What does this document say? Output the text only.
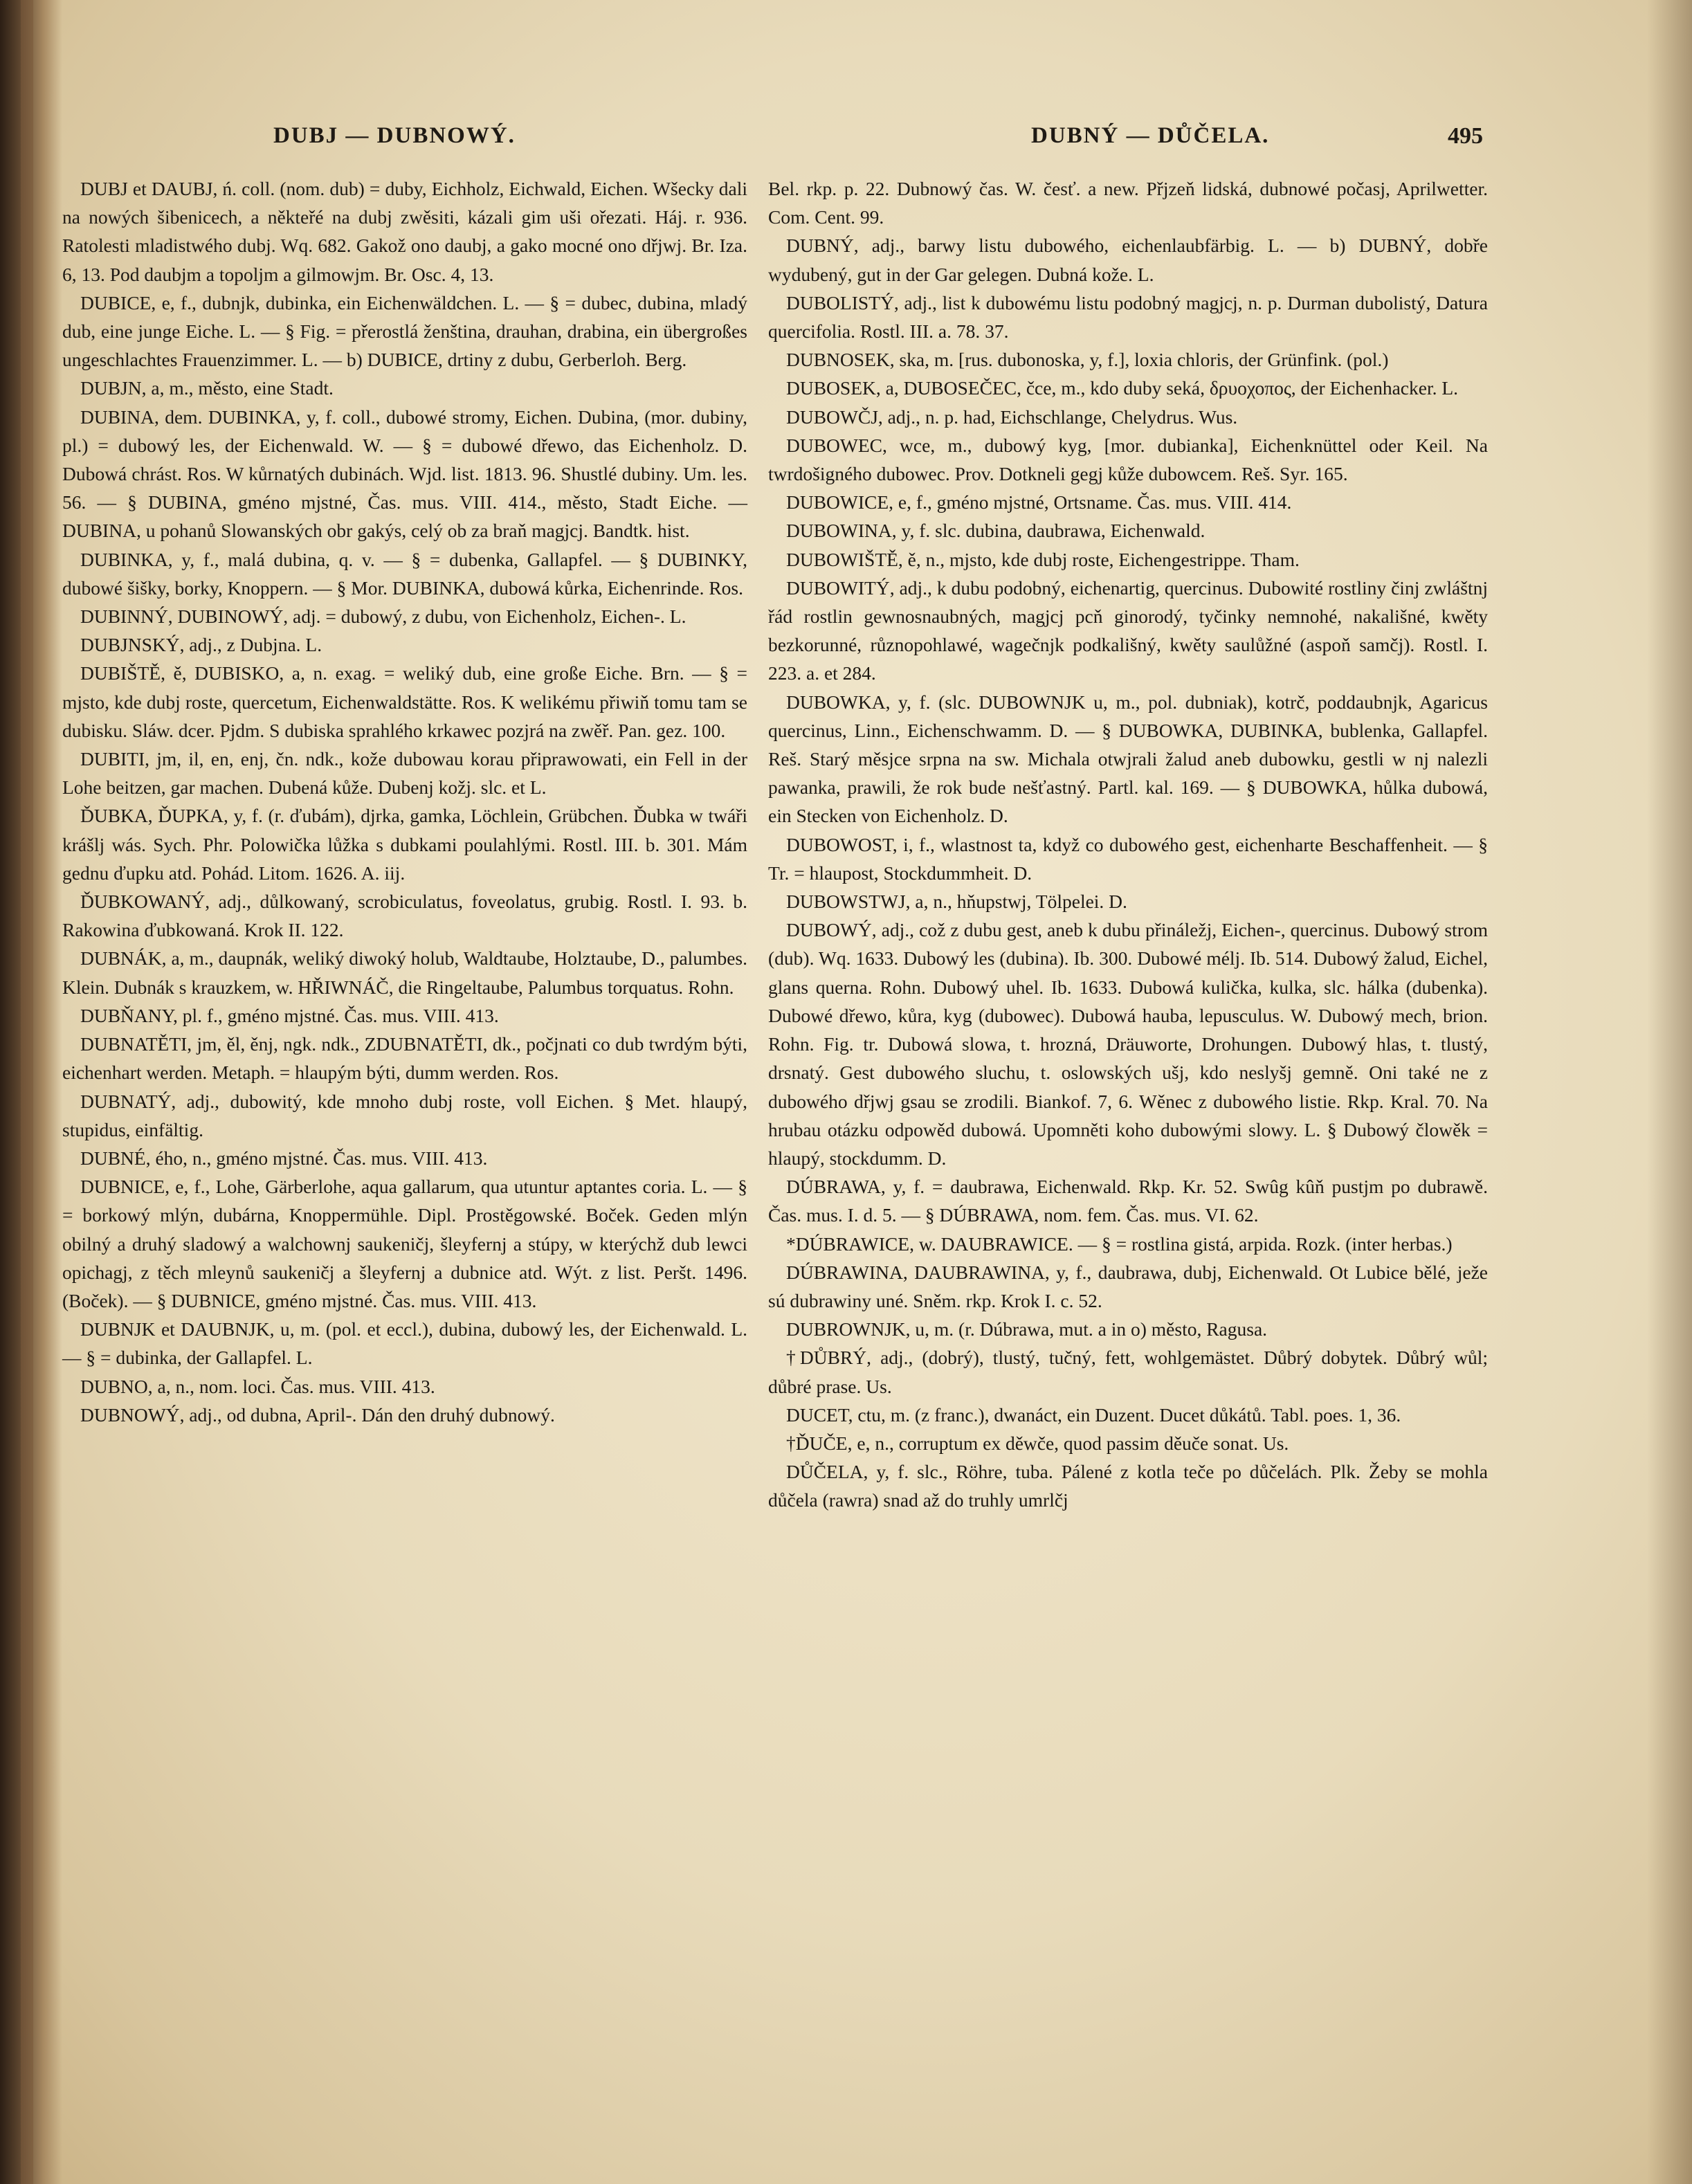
DUBJ — DUBNOWÝ.	DUBNÝ — DŮČELA.	495

DUBJ et DAUBJ, ń. coll. (nom. dub) = duby, Eichholz, Eichwald, Eichen. Wšecky dali na nowých šibenicech, a někteřé na dubj zwěsiti, kázali gim uši ořezati. Háj. r. 936. Ratolesti mladistwého dubj. Wq. 682. Gakož ono daubj, a gako mocné ono dřjwj. Br. Iza. 6, 13. Pod daubjm a topoljm a gilmowjm. Br. Osc. 4, 13.

DUBICE, e, f., dubnjk, dubinka, ein Eichenwäldchen. L. — § = dubec, dubina, mladý dub, eine junge Eiche. L. — § Fig. = přerostlá ženština, drauhan, drabina, ein übergroßes ungeschlachtes Frauenzimmer. L. — b) DUBICE, drtiny z dubu, Gerberloh. Berg.

DUBJN, a, m., město, eine Stadt.

DUBINA, dem. DUBINKA, y, f. coll., dubowé stromy, Eichen. Dubina, (mor. dubiny, pl.) = dubowý les, der Eichenwald. W. — § = dubowé dřewo, das Eichenholz. D. Dubowá chrást. Ros. W kůrnatých dubinách. Wjd. list. 1813. 96. Shustlé dubiny. Um. les. 56. — § DUBINA, gméno mjstné, Čas. mus. VIII. 414., město, Stadt Eiche. — DUBINA, u pohanů Slowanských obr gakýs, celý ob za braň magjcj. Bandtk. hist.

DUBINKA, y, f., malá dubina, q. v. — § = dubenka, Gallapfel. — § DUBINKY, dubowé šišky, borky, Knoppern. — § Mor. DUBINKA, dubowá kůrka, Eichenrinde. Ros.

DUBINNÝ, DUBINOWÝ, adj. = dubowý, z dubu, von Eichenholz, Eichen-. L.

DUBJNSKÝ, adj., z Dubjna. L.

DUBIŠTĚ, ě, DUBISKO, a, n. exag. = weliký dub, eine große Eiche. Brn. — § = mjsto, kde dubj roste, quercetum, Eichenwaldstätte. Ros. K welikému přiwiň tomu tam se dubisku. Sláw. dcer. Pjdm. S dubiska sprahlého krkawec pozjrá na zwěř. Pan. gez. 100.

DUBITI, jm, il, en, enj, čn. ndk., kože dubowau korau připrawowati, ein Fell in der Lohe beitzen, gar machen. Dubená kůže. Dubenj kožj. slc. et L.

ĎUBKA, ĎUPKA, y, f. (r. ďubám), djrka, gamka, Löchlein, Grübchen. Ďubka w twáři krášlj wás. Sych. Phr. Polowička lůžka s dubkami poulahlými. Rostl. III. b. 301. Mám gednu ďupku atd. Pohád. Litom. 1626. A. iij.

ĎUBKOWANÝ, adj., důlkowaný, scrobiculatus, foveolatus, grubig. Rostl. I. 93. b. Rakowina ďubkowaná. Krok II. 122.

DUBNÁK, a, m., daupnák, weliký diwoký holub, Waldtaube, Holztaube, D., palumbes. Klein. Dubnák s krauzkem, w. HŘIWNÁČ, die Ringeltaube, Palumbus torquatus. Rohn.

DUBŇANY, pl. f., gméno mjstné. Čas. mus. VIII. 413.

DUBNATĚTI, jm, ěl, ěnj, ngk. ndk., ZDUBNATĚTI, dk., počjnati co dub twrdým býti, eichenhart werden. Metaph. = hlaupým býti, dumm werden. Ros.

DUBNATÝ, adj., dubowitý, kde mnoho dubj roste, voll Eichen. § Met. hlaupý, stupidus, einfältig.

DUBNÉ, ého, n., gméno mjstné. Čas. mus. VIII. 413.

DUBNICE, e, f., Lohe, Gärberlohe, aqua gallarum, qua utuntur aptantes coria. L. — § = borkowý mlýn, dubárna, Knoppermühle. Dipl. Prostěgowské. Boček. Geden mlýn obilný a druhý sladowý a walchownj saukeničj, šleyfernj a stúpy, w kterýchž dub lewci opichagj, z těch mleynů saukeničj a šleyfernj a dubnice atd. Wýt. z list. Peršt. 1496. (Boček). — § DUBNICE, gméno mjstné. Čas. mus. VIII. 413.

DUBNJK et DAUBNJK, u, m. (pol. et eccl.), dubina, dubowý les, der Eichenwald. L. — § = dubinka, der Gallapfel. L.

DUBNO, a, n., nom. loci. Čas. mus. VIII. 413.

DUBNOWÝ, adj., od dubna, April-. Dán den druhý dubnowý.

Bel. rkp. p. 22. Dubnowý čas. W. česť. a new. Přjzeň lidská, dubnowé počasj, Aprilwetter. Com. Cent. 99.

DUBNÝ, adj., barwy listu dubowého, eichenlaubfärbig. L. — b) DUBNÝ, dobře wydubený, gut in der Gar gelegen. Dubná kože. L.

DUBOLISTÝ, adj., list k dubowému listu podobný magjcj, n. p. Durman dubolistý, Datura quercifolia. Rostl. III. a. 78. 37.

DUBNOSEK, ska, m. [rus. dubonoska, y, f.], loxia chloris, der Grünfink. (pol.)

DUBOSEK, a, DUBOSEČEC, čce, m., kdo duby seká, δρυοχοπος, der Eichenhacker. L.

DUBOWČJ, adj., n. p. had, Eichschlange, Chelydrus. Wus.

DUBOWEC, wce, m., dubowý kyg, [mor. dubianka], Eichenknüttel oder Keil. Na twrdošigného dubowec. Prov. Dotkneli gegj kůže dubowcem. Reš. Syr. 165.

DUBOWICE, e, f., gméno mjstné, Ortsname. Čas. mus. VIII. 414.

DUBOWINA, y, f. slc. dubina, daubrawa, Eichenwald.

DUBOWIŠTĚ, ě, n., mjsto, kde dubj roste, Eichengestrippe. Tham.

DUBOWITÝ, adj., k dubu podobný, eichenartig, quercinus. Dubowité rostliny činj zwláštnj řád rostlin gewnosnaubných, magjcj pcň ginorodý, tyčinky nemnohé, nakališné, kwěty bezkorunné, různopohlawé, wagečnjk podkališný, kwěty saulůžné (aspoň samčj). Rostl. I. 223. a. et 284.

DUBOWKA, y, f. (slc. DUBOWNJK u, m., pol. dubniak), kotrč, poddaubnjk, Agaricus quercinus, Linn., Eichenschwamm. D. — § DUBOWKA, DUBINKA, bublenka, Gallapfel. Reš. Starý měsjce srpna na sw. Michala otwjrali žalud aneb dubowku, gestli w nj nalezli pawanka, prawili, že rok bude nešťastný. Partl. kal. 169. — § DUBOWKA, hůlka dubowá, ein Stecken von Eichenholz. D.

DUBOWOST, i, f., wlastnost ta, když co dubowého gest, eichenharte Beschaffenheit. — § Tr. = hlaupost, Stockdummheit. D.

DUBOWSTWJ, a, n., hňupstwj, Tölpelei. D.

DUBOWÝ, adj., což z dubu gest, aneb k dubu přináležj, Eichen-, quercinus. Dubowý strom (dub). Wq. 1633. Dubowý les (dubina). Ib. 300. Dubowé mélj. Ib. 514. Dubowý žalud, Eichel, glans querna. Rohn. Dubowý uhel. Ib. 1633. Dubowá kulička, kulka, slc. hálka (dubenka). Dubowé dřewo, kůra, kyg (dubowec). Dubowá hauba, lepusculus. W. Dubowý mech, brion. Rohn. Fig. tr. Dubowá slowa, t. hrozná, Dräuworte, Drohungen. Dubowý hlas, t. tlustý, drsnatý. Gest dubowého sluchu, t. oslowských ušj, kdo neslyšj gemně. Oni také ne z dubowého dřjwj gsau se zrodili. Biankof. 7, 6. Wěnec z dubowého listie. Rkp. Kral. 70. Na hrubau otázku odpowěd dubowá. Upomněti koho dubowými slowy. L. § Dubowý člowěk = hlaupý, stockdumm. D.

DÚBRAWA, y, f. = daubrawa, Eichenwald. Rkp. Kr. 52. Swûg kûň pustjm po dubrawě. Čas. mus. I. d. 5. — § DÚBRAWA, nom. fem. Čas. mus. VI. 62.

*DÚBRAWICE, w. DAUBRAWICE. — § = rostlina gistá, arpida. Rozk. (inter herbas.)

DÚBRAWINA, DAUBRAWINA, y, f., daubrawa, dubj, Eichenwald. Ot Lubice bělé, ježe sú dubrawiny uné. Sněm. rkp. Krok I. c. 52.

DUBROWNJK, u, m. (r. Dúbrawa, mut. a in o) město, Ragusa.

†DŮBRÝ, adj., (dobrý), tlustý, tučný, fett, wohlgemästet. Důbrý dobytek. Důbrý wůl; důbré prase. Us.

DUCET, ctu, m. (z franc.), dwanáct, ein Duzent. Ducet důkátů. Tabl. poes. 1, 36.

†ĎUČE, e, n., corruptum ex děwče, quod passim děuče sonat. Us.

DŮČELA, y, f. slc., Röhre, tuba. Pálené z kotla teče po důčelách. Plk. Žeby se mohla důčela (rawra) snad až do truhly umrlčj
